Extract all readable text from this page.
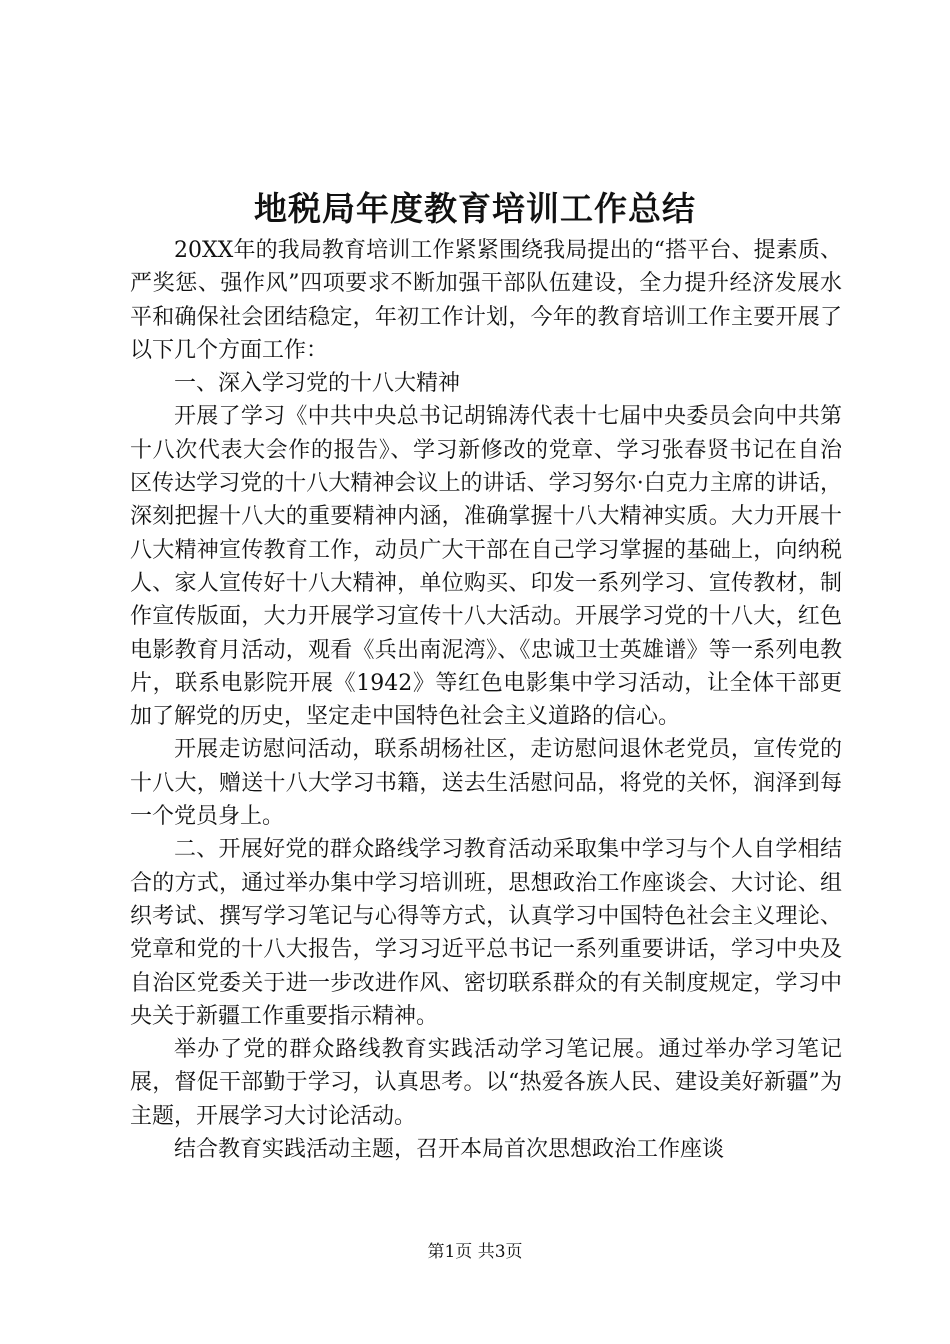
地税局年度教育培训工作总结

20XX年的我局教育培训工作紧紧围绕我局提出的“搭平台、提素质、严奖惩、强作风”四项要求不断加强干部队伍建设，全力提升经济发展水平和确保社会团结稳定，年初工作计划，今年的教育培训工作主要开展了以下几个方面工作：

一、深入学习党的十八大精神

开展了学习《中共中央总书记胡锦涛代表十七届中央委员会向中共第十八次代表大会作的报告》、学习新修改的党章、学习张春贤书记在自治区传达学习党的十八大精神会议上的讲话、学习努尔·白克力主席的讲话，深刻把握十八大的重要精神内涵，准确掌握十八大精神实质。大力开展十八大精神宣传教育工作，动员广大干部在自己学习掌握的基础上，向纳税人、家人宣传好十八大精神，单位购买、印发一系列学习、宣传教材，制作宣传版面，大力开展学习宣传十八大活动。开展学习党的十八大，红色电影教育月活动，观看《兵出南泥湾》、《忠诚卫士英雄谱》等一系列电教片，联系电影院开展《1942》等红色电影集中学习活动，让全体干部更加了解党的历史，坚定走中国特色社会主义道路的信心。

开展走访慰问活动，联系胡杨社区，走访慰问退休老党员，宣传党的十八大，赠送十八大学习书籍，送去生活慰问品，将党的关怀，润泽到每一个党员身上。

二、开展好党的群众路线学习教育活动采取集中学习与个人自学相结合的方式，通过举办集中学习培训班，思想政治工作座谈会、大讨论、组织考试、撰写学习笔记与心得等方式，认真学习中国特色社会主义理论、党章和党的十八大报告，学习习近平总书记一系列重要讲话，学习中央及自治区党委关于进一步改进作风、密切联系群众的有关制度规定，学习中央关于新疆工作重要指示精神。

举办了党的群众路线教育实践活动学习笔记展。通过举办学习笔记展，督促干部勤于学习，认真思考。以“热爱各族人民、建设美好新疆”为主题，开展学习大讨论活动。

结合教育实践活动主题，召开本局首次思想政治工作座谈

第1页 共3页
